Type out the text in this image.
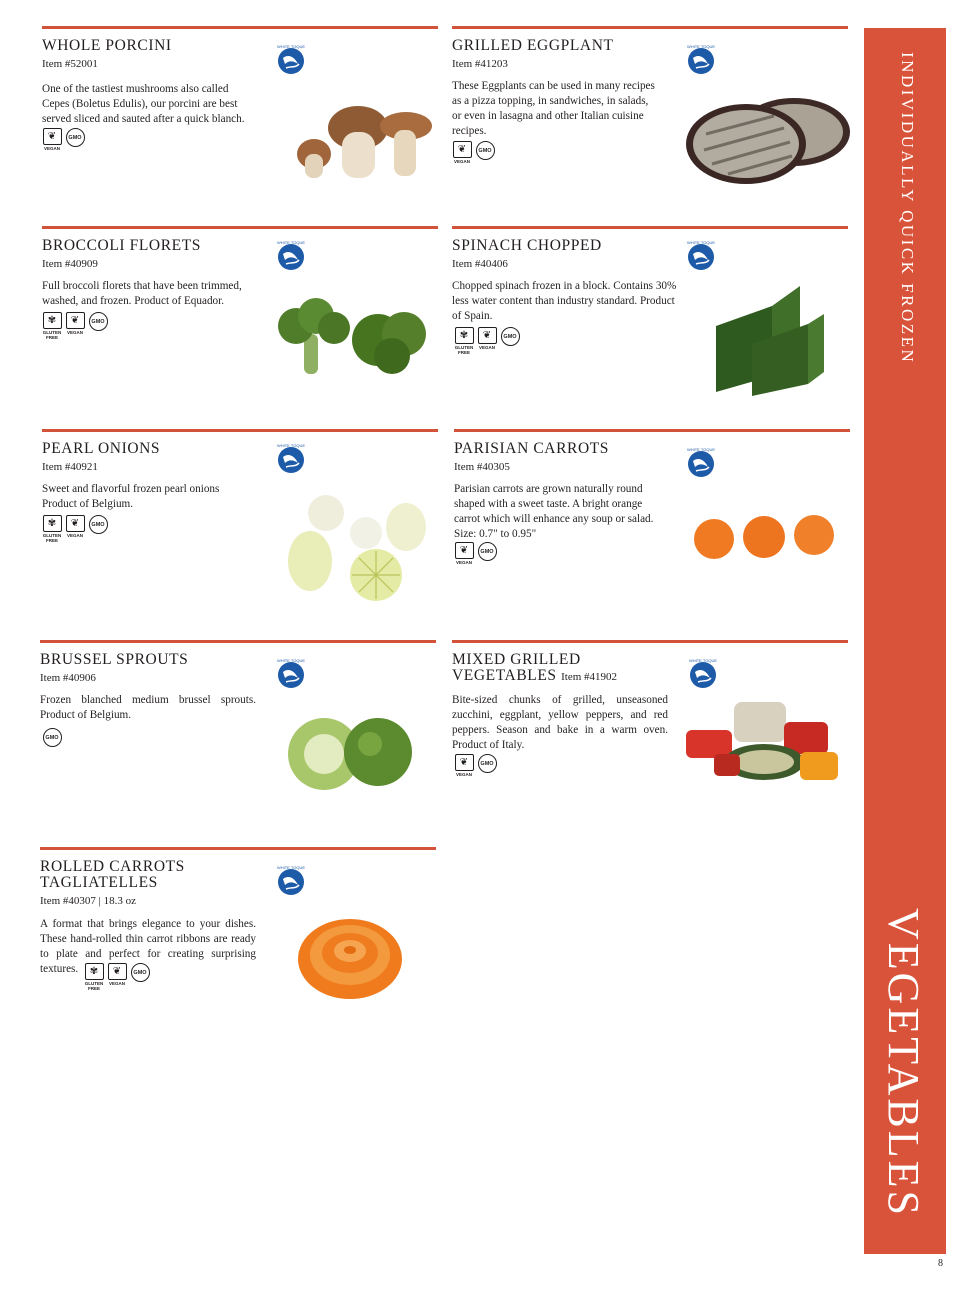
WHOLE PORCINI
Item #52001
One of the tastiest mushrooms also called Cepes (Boletus Edulis), our porcini are best served sliced and sauted after a quick blanch.
❦
VEGAN
GMO
WHITE TOQUE	GRILLED EGGPLANT
Item #41203
These Eggplants can be used in many recipes as a pizza topping, in sandwiches, in salads, or even in lasagna and other Italian cuisine recipes.
❦
VEGAN
GMO
WHITE TOQUE
BROCCOLI FLORETS
Item #40909
Full broccoli florets that have been trimmed, washed, and frozen. Product of Equador.
✾
GLUTEN
FREE
❦
VEGAN
GMO
WHITE TOQUE	SPINACH CHOPPED
Item #40406
Chopped spinach frozen in a block. Contains 30% less water content than industry standard. Product of Spain.
✾
GLUTEN
FREE
❦
VEGAN
GMO
WHITE TOQUE
PEARL ONIONS
Item #40921
Sweet and flavorful frozen pearl onions Product of Belgium.
✾
GLUTEN
FREE
❦
VEGAN
GMO
WHITE TOQUE	PARISIAN CARROTS
Item #40305
Parisian carrots are grown naturally round shaped with a sweet taste. A bright orange carrot which will enhance any soup or salad. Size: 0.7" to 0.95"
❦
VEGAN
GMO
WHITE TOQUE
BRUSSEL SPROUTS
Item #40906
Frozen blanched medium brussel sprouts. Product of Belgium.
GMO
WHITE TOQUE	MIXED GRILLED VEGETABLES Item #41902
Bite-sized chunks of grilled, unseasoned zucchini, eggplant, yellow peppers, and red peppers. Season and bake in a warm oven. Product of Italy.
❦
VEGAN
GMO
WHITE TOQUE
ROLLED CARROTS TAGLIATELLES
Item #40307 | 18.3 oz
A format that brings elegance to your dishes. These hand-rolled thin carrot ribbons are ready to plate and perfect for creating surprising textures.	✾
GLUTEN
FREE
❦
VEGAN
GMO
WHITE TOQUE
INDIVIDUALLY QUICK FROZEN
VEGETABLES
8
